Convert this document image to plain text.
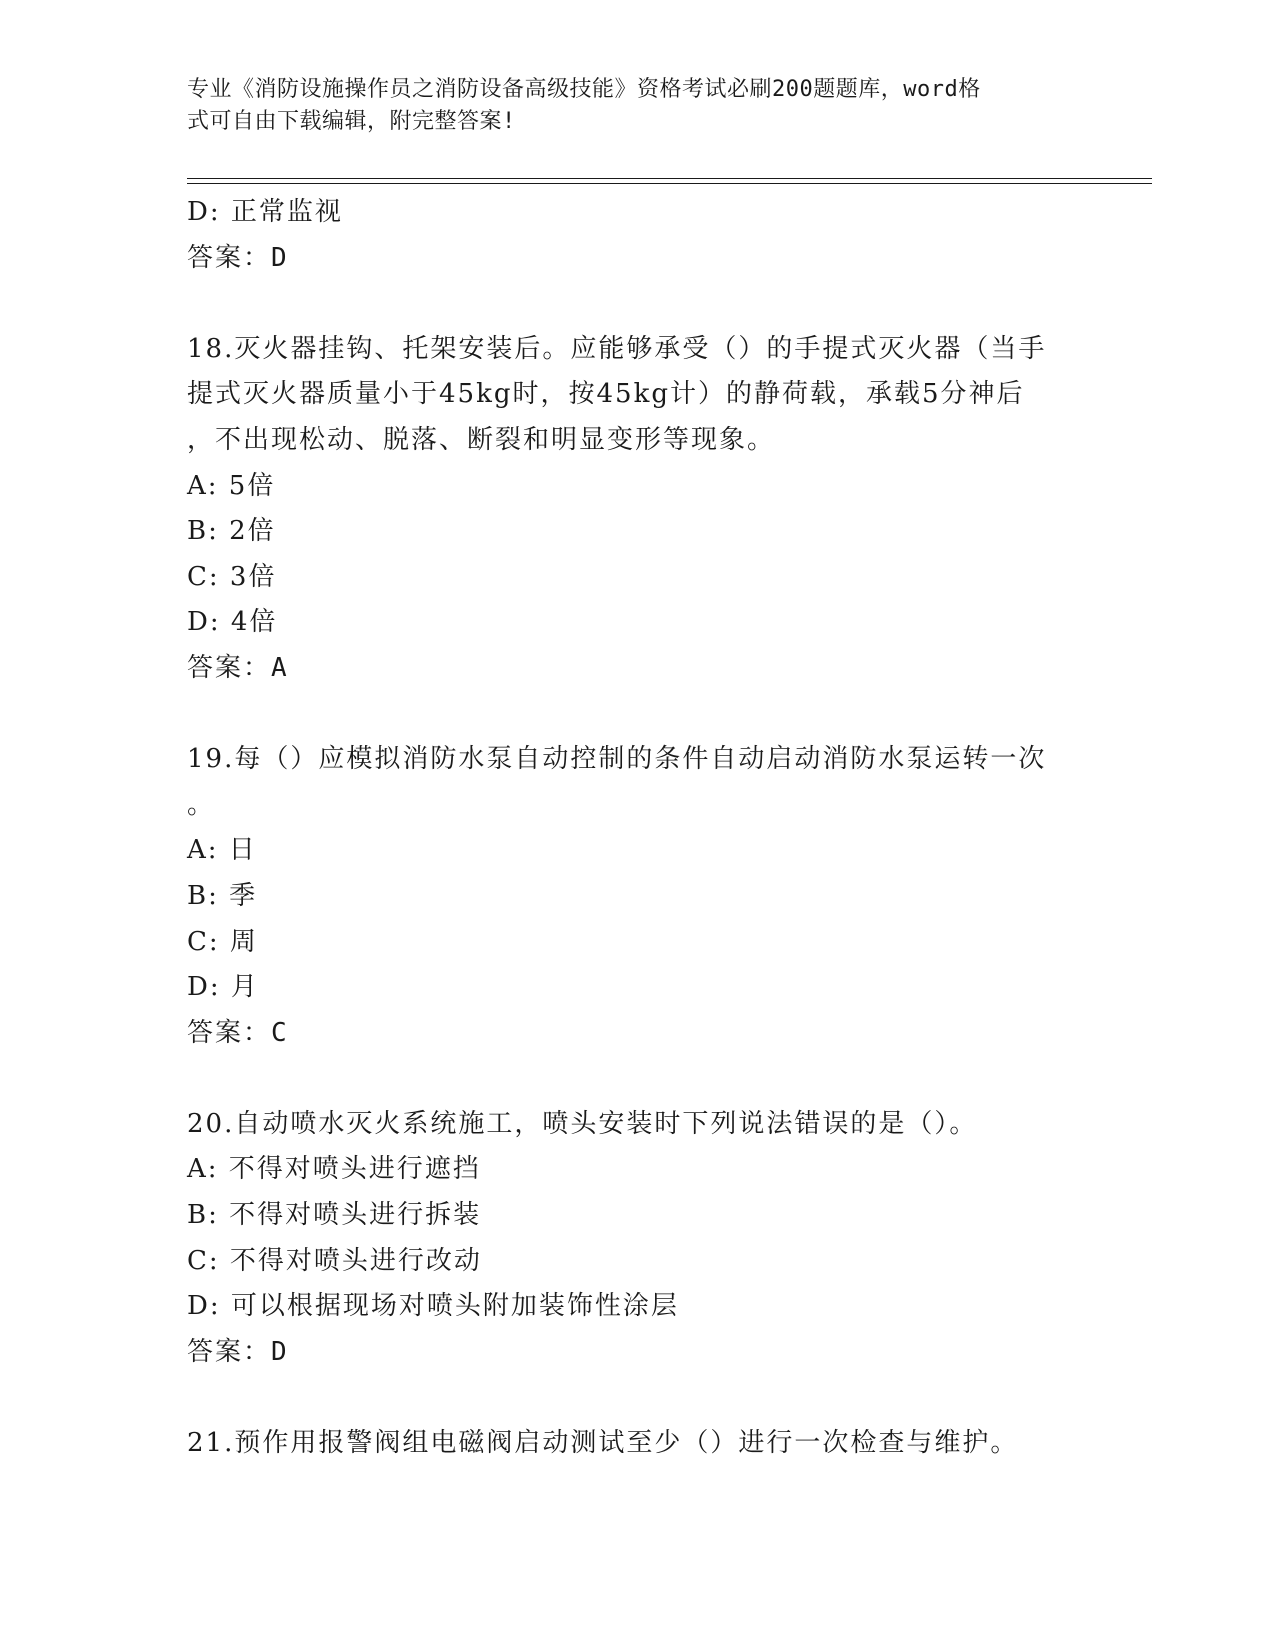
专业《消防设施操作员之消防设备高级技能》资格考试必刷200题题库，word格
式可自由下载编辑，附完整答案!
D: 正常监视
答案：D
18.灭火器挂钩、托架安装后。应能够承受（）的手提式灭火器（当手
提式灭火器质量小于45kg时，按45kg计）的静荷载，承载5分神后
，不出现松动、脱落、断裂和明显变形等现象。
A: 5倍
B: 2倍
C: 3倍
D: 4倍
答案：A
19.每（）应模拟消防水泵自动控制的条件自动启动消防水泵运转一次
。
A: 日
B: 季
C: 周
D: 月
答案：C
20.自动喷水灭火系统施工，喷头安装时下列说法错误的是（）。
A: 不得对喷头进行遮挡
B: 不得对喷头进行拆装
C: 不得对喷头进行改动
D: 可以根据现场对喷头附加装饰性涂层
答案：D
21.预作用报警阀组电磁阀启动测试至少（）进行一次检查与维护。
